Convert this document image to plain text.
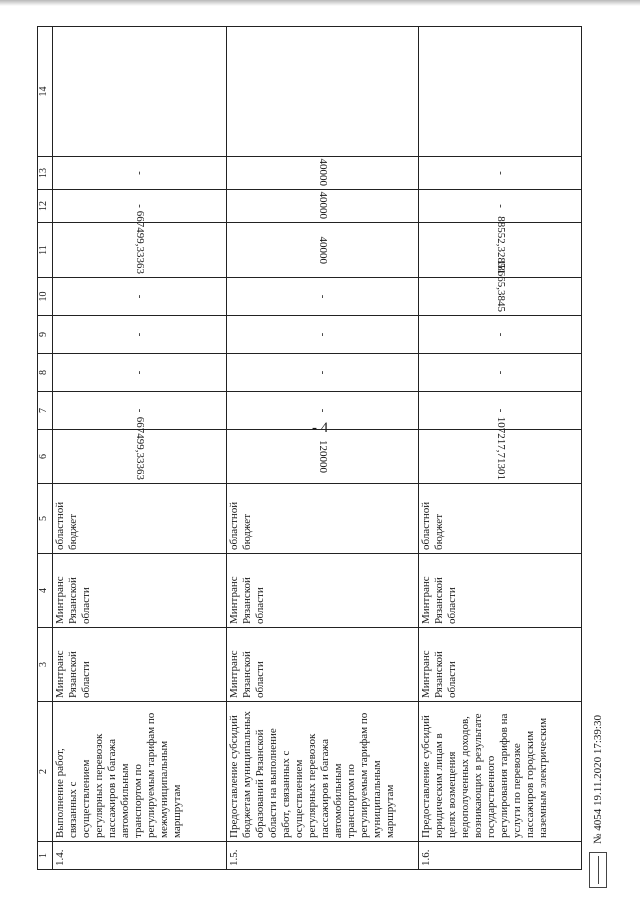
- 4
1	2	3	4	5	6	7	8	9	10	11	12	13	14
1.4.	Выполнение работ, связанных с осуществлением регулярных перевозок пассажиров и багажа автомобильным транспортом по регулируемым тарифам по межмуниципальным маршрутам	Минтранс Рязанской области	Минтранс Рязанской области	областной бюджет	667499,33363	-	-	-	-	667499,33363	-	-	
1.5.	Предоставление субсидий бюджетам муниципальных образований Рязанской области на выполнение работ, связанных с осуществлением регулярных перевозок пассажиров и багажа автомобильным транспортом по регулируемым тарифам по муниципальным маршрутам	Минтранс Рязанской области	Минтранс Рязанской области	областной бюджет	120000	-	-	-	-	40000	40000	40000	
1.6.	Предоставление субсидий юридическим лицам в целях возмещения недополученных доходов, возникающих в результате государственного регулирования тарифов на услуги по перевозке пассажиров городским наземным электрическим	Минтранс Рязанской области	Минтранс Рязанской области	областной бюджет	107217,71301	-	-	-	18665,3845	88552,32851	-	-	
№ 4054 19.11.2020 17:39:30
